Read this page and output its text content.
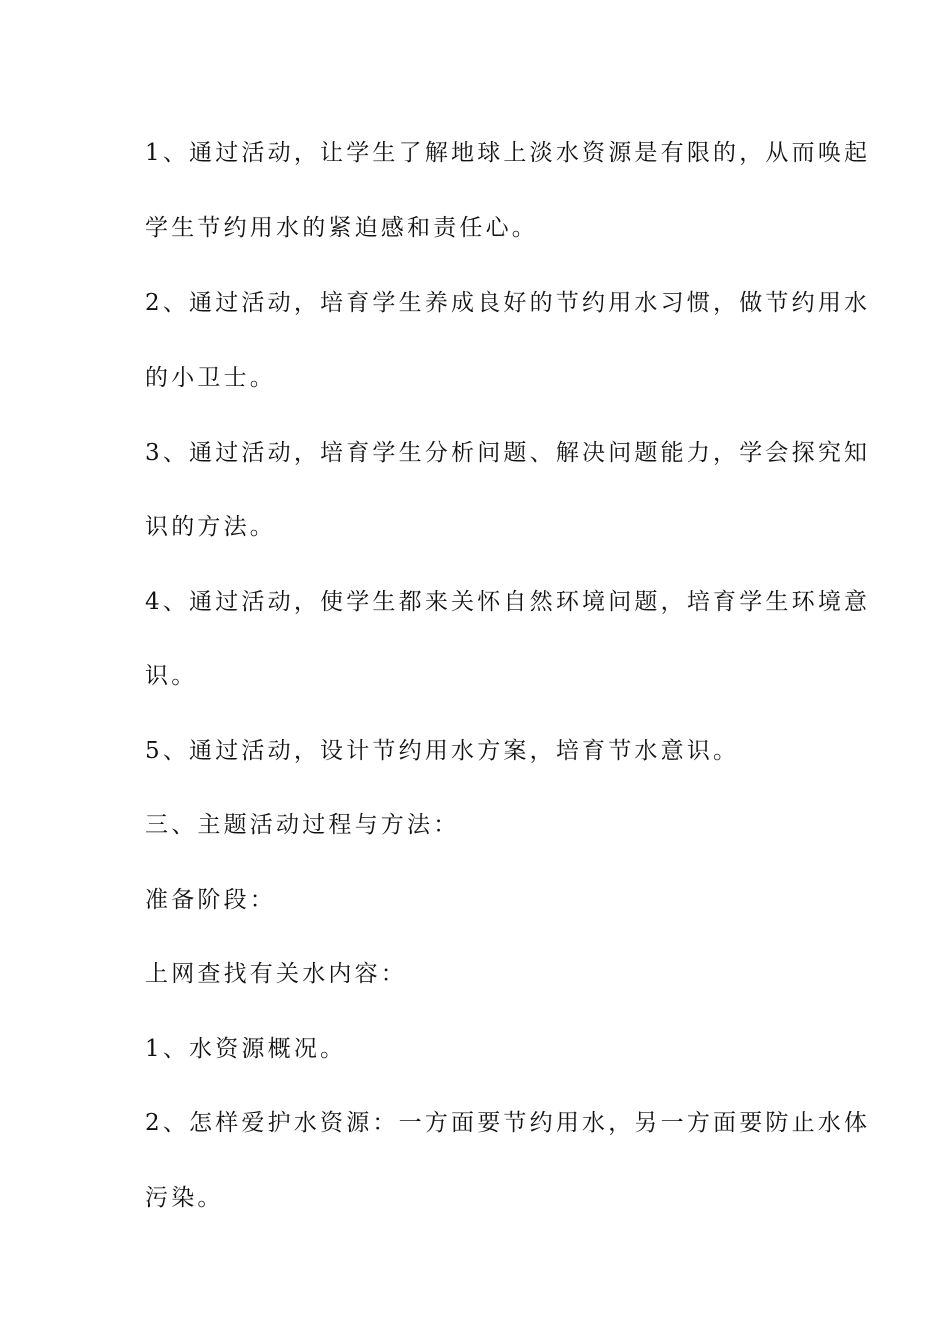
1、通过活动，让学生了解地球上淡水资源是有限的，从而唤起
学生节约用水的紧迫感和责任心。
2、通过活动，培育学生养成良好的节约用水习惯，做节约用水
的小卫士。
3、通过活动，培育学生分析问题、解决问题能力，学会探究知
识的方法。
4、通过活动，使学生都来关怀自然环境问题，培育学生环境意
识。
5、通过活动，设计节约用水方案，培育节水意识。
三、主题活动过程与方法：
准备阶段：
上网查找有关水内容：
1、水资源概况。
2、怎样爱护水资源：一方面要节约用水，另一方面要防止水体
污染。
